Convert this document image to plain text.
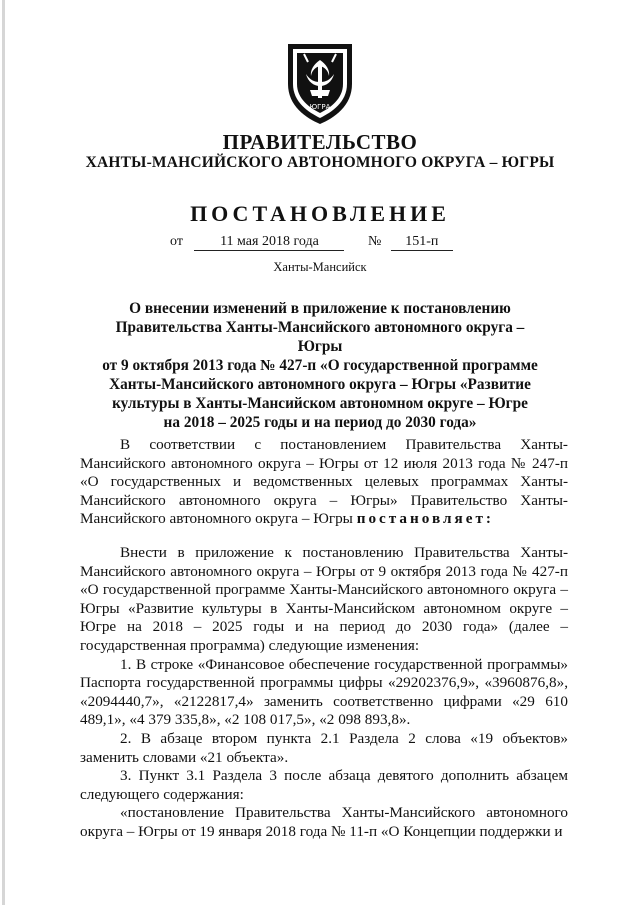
ЮГРА
ПРАВИТЕЛЬСТВО
ХАНТЫ-МАНСИЙСКОГО АВТОНОМНОГО ОКРУГА – ЮГРЫ
ПОСТАНОВЛЕНИЕ
от	11 мая 2018 года	№ 151-п
Ханты-Мансийск
О внесении изменений в приложение к постановлению
Правительства Ханты-Мансийского автономного округа – Югры
от 9 октября 2013 года № 427-п «О государственной программе
Ханты-Мансийского автономного округа – Югры «Развитие
культуры в Ханты-Мансийском автономном округе – Югре
на 2018 – 2025 годы и на период до 2030 года»

В соответствии с постановлением Правительства Ханты-Мансийского автономного округа – Югры от 12 июля 2013 года № 247-п «О государственных и ведомственных целевых программах Ханты-Мансийского автономного округа – Югры» Правительство Ханты-Мансийского автономного округа – Югры постановляет:

Внести в приложение к постановлению Правительства Ханты-Мансийского автономного округа – Югры от 9 октября 2013 года № 427-п «О государственной программе Ханты-Мансийского автономного округа – Югры «Развитие культуры в Ханты-Мансийском автономном округе – Югре на 2018 – 2025 годы и на период до 2030 года» (далее – государственная программа) следующие изменения:

1. В строке «Финансовое обеспечение государственной программы» Паспорта государственной программы цифры «29202376,9», «3960876,8», «2094440,7», «2122817,4» заменить соответственно цифрами «29 610 489,1», «4 379 335,8», «2 108 017,5», «2 098 893,8».

2. В абзаце втором пункта 2.1 Раздела 2 слова «19 объектов» заменить словами «21 объекта».

3. Пункт 3.1 Раздела 3 после абзаца девятого дополнить абзацем следующего содержания:

«постановление Правительства Ханты-Мансийского автономного округа – Югры от 19 января 2018 года № 11-п «О Концепции поддержки и
